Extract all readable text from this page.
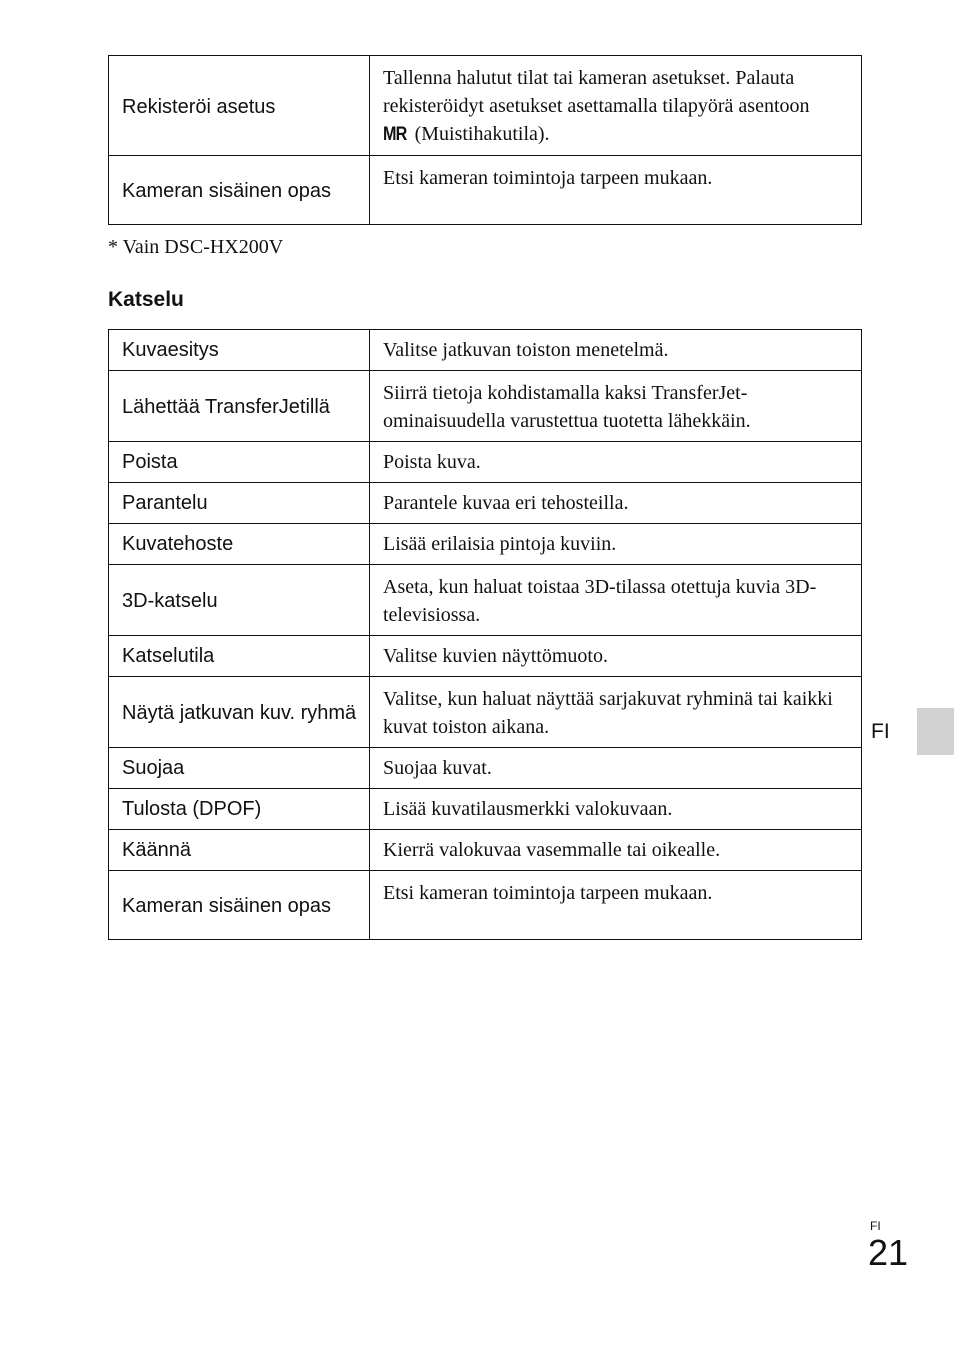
Rekisteröi asetus	Tallenna halutut tilat tai kameran asetukset. Palauta rekisteröidyt asetukset asettamalla tilapyörä asentoon
MR (Muistihakutila).
Kameran sisäinen opas	Etsi kameran toimintoja tarpeen mukaan.
* Vain DSC-HX200V
Katselu
Kuvaesitys	Valitse jatkuvan toiston menetelmä.
Lähettää TransferJetillä	Siirrä tietoja kohdistamalla kaksi TransferJet-ominaisuudella varustettua tuotetta lähekkäin.
Poista	Poista kuva.
Parantelu	Parantele kuvaa eri tehosteilla.
Kuvatehoste	Lisää erilaisia pintoja kuviin.
3D-katselu	Aseta, kun haluat toistaa 3D-tilassa otettuja kuvia 3D-televisiossa.
Katselutila	Valitse kuvien näyttömuoto.
Näytä jatkuvan kuv. ryhmä	Valitse, kun haluat näyttää sarjakuvat ryhminä tai kaikki kuvat toiston aikana.
Suojaa	Suojaa kuvat.
Tulosta (DPOF)	Lisää kuvatilausmerkki valokuvaan.
Käännä	Kierrä valokuvaa vasemmalle tai oikealle.
Kameran sisäinen opas	Etsi kameran toimintoja tarpeen mukaan.
FI
FI
21
